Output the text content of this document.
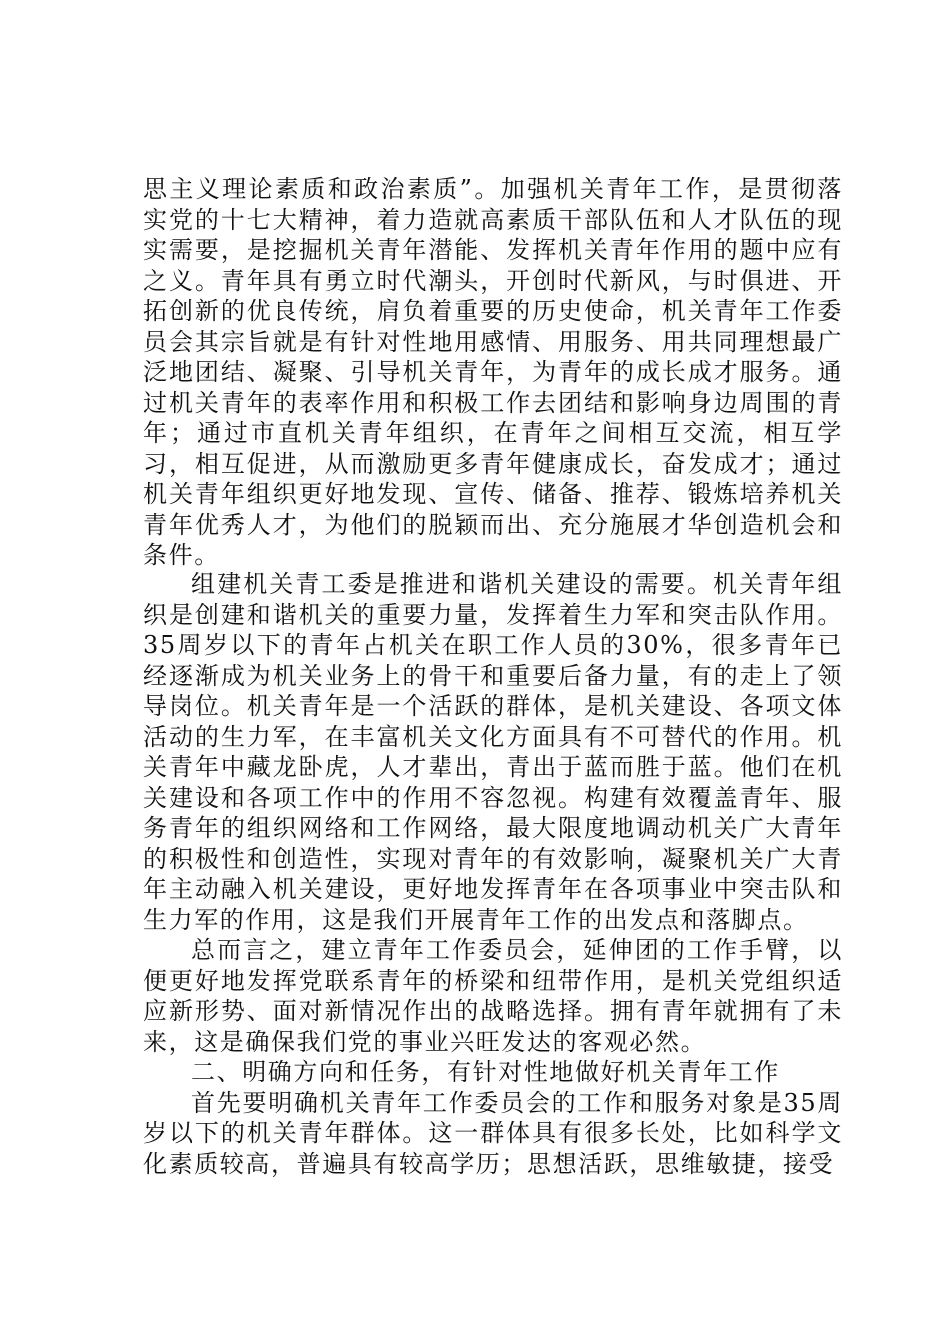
思主义理论素质和政治素质”。加强机关青年工作，是贯彻落实党的十七大精神，着力造就高素质干部队伍和人才队伍的现实需要，是挖掘机关青年潜能、发挥机关青年作用的题中应有之义。青年具有勇立时代潮头，开创时代新风，与时俱进、开拓创新的优良传统，肩负着重要的历史使命，机关青年工作委员会其宗旨就是有针对性地用感情、用服务、用共同理想最广泛地团结、凝聚、引导机关青年，为青年的成长成才服务。通过机关青年的表率作用和积极工作去团结和影响身边周围的青年；通过市直机关青年组织，在青年之间相互交流，相互学习，相互促进，从而激励更多青年健康成长，奋发成才；通过机关青年组织更好地发现、宣传、储备、推荐、锻炼培养机关青年优秀人才，为他们的脱颖而出、充分施展才华创造机会和条件。

组建机关青工委是推进和谐机关建设的需要。机关青年组织是创建和谐机关的重要力量，发挥着生力军和突击队作用。35周岁以下的青年占机关在职工作人员的30%，很多青年已经逐渐成为机关业务上的骨干和重要后备力量，有的走上了领导岗位。机关青年是一个活跃的群体，是机关建设、各项文体活动的生力军，在丰富机关文化方面具有不可替代的作用。机关青年中藏龙卧虎，人才辈出，青出于蓝而胜于蓝。他们在机关建设和各项工作中的作用不容忽视。构建有效覆盖青年、服务青年的组织网络和工作网络，最大限度地调动机关广大青年的积极性和创造性，实现对青年的有效影响，凝聚机关广大青年主动融入机关建设，更好地发挥青年在各项事业中突击队和生力军的作用，这是我们开展青年工作的出发点和落脚点。

总而言之，建立青年工作委员会，延伸团的工作手臂，以便更好地发挥党联系青年的桥梁和纽带作用，是机关党组织适应新形势、面对新情况作出的战略选择。拥有青年就拥有了未来，这是确保我们党的事业兴旺发达的客观必然。

二、明确方向和任务，有针对性地做好机关青年工作

首先要明确机关青年工作委员会的工作和服务对象是35周岁以下的机关青年群体。这一群体具有很多长处，比如科学文化素质较高，普遍具有较高学历；思想活跃，思维敏捷，接受
